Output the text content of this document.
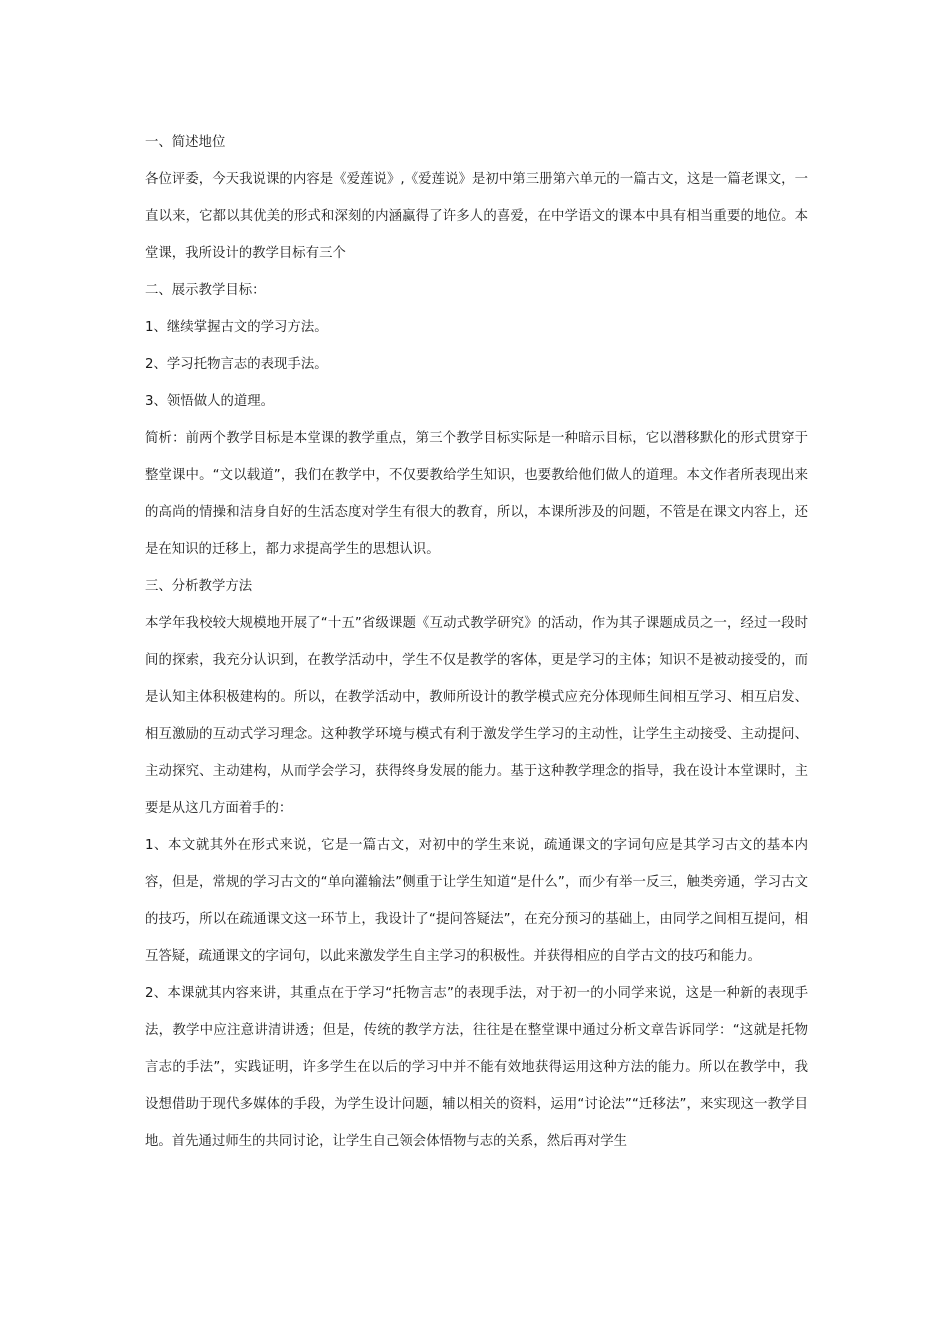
一、简述地位

各位评委，今天我说课的内容是《爱莲说》,《爱莲说》是初中第三册第六单元的一篇古文，这是一篇老课文，一直以来，它都以其优美的形式和深刻的内涵赢得了许多人的喜爱，在中学语文的课本中具有相当重要的地位。本堂课，我所设计的教学目标有三个

二、展示教学目标：

1、继续掌握古文的学习方法。

2、学习托物言志的表现手法。

3、领悟做人的道理。

简析：前两个教学目标是本堂课的教学重点，第三个教学目标实际是一种暗示目标，它以潜移默化的形式贯穿于整堂课中。“文以载道”，我们在教学中，不仅要教给学生知识，也要教给他们做人的道理。本文作者所表现出来的高尚的情操和洁身自好的生活态度对学生有很大的教育，所以，本课所涉及的问题，不管是在课文内容上，还是在知识的迁移上，都力求提高学生的思想认识。

三、分析教学方法

本学年我校较大规模地开展了“十五”省级课题《互动式教学研究》的活动，作为其子课题成员之一，经过一段时间的探索，我充分认识到，在教学活动中，学生不仅是教学的客体，更是学习的主体；知识不是被动接受的，而是认知主体积极建构的。所以，在教学活动中，教师所设计的教学模式应充分体现师生间相互学习、相互启发、相互激励的互动式学习理念。这种教学环境与模式有利于激发学生学习的主动性，让学生主动接受、主动提问、主动探究、主动建构，从而学会学习，获得终身发展的能力。基于这种教学理念的指导，我在设计本堂课时，主要是从这几方面着手的：

1、本文就其外在形式来说，它是一篇古文，对初中的学生来说，疏通课文的字词句应是其学习古文的基本内容，但是，常规的学习古文的“单向灌输法”侧重于让学生知道“是什么”，而少有举一反三，触类旁通，学习古文的技巧，所以在疏通课文这一环节上，我设计了“提问答疑法”，在充分预习的基础上，由同学之间相互提问，相互答疑，疏通课文的字词句，以此来激发学生自主学习的积极性。并获得相应的自学古文的技巧和能力。

2、本课就其内容来讲，其重点在于学习“托物言志”的表现手法，对于初一的小同学来说，这是一种新的表现手法，教学中应注意讲清讲透；但是，传统的教学方法，往往是在整堂课中通过分析文章告诉同学：“这就是托物言志的手法”，实践证明，许多学生在以后的学习中并不能有效地获得运用这种方法的能力。所以在教学中，我设想借助于现代多媒体的手段，为学生设计问题，辅以相关的资料，运用“讨论法”“迁移法”，来实现这一教学目地。首先通过师生的共同讨论，让学生自己领会体悟物与志的关系，然后再对学生
